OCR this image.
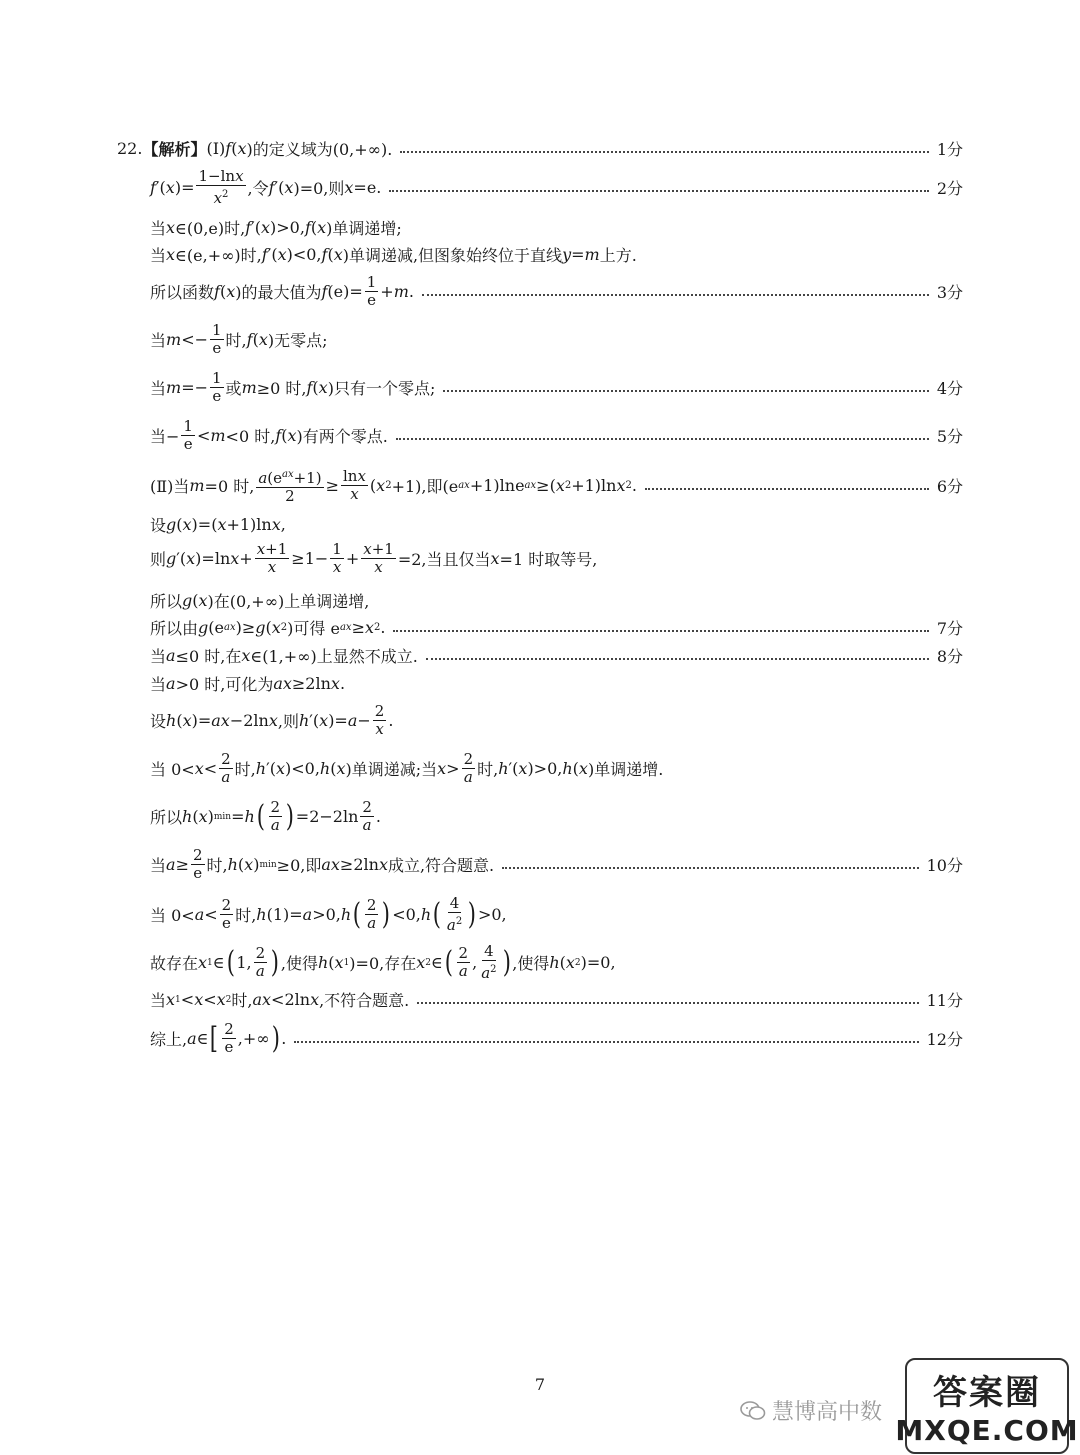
22. 【解析】 (Ⅰ) f ( x )的定义域为(0,+∞).	1分
f ′( x )= $\frac{1-\ln x}{x^2}$ ,令 f ′( x )=0,则 x =e.	2分
当 x ∈(0,e)时, f ′( x )>0, f ( x )单调递增;
当 x ∈(e,+∞)时, f ′( x )<0, f ( x )单调递减,但图象始终位于直线 y = m 上方.
所以函数 f ( x )的最大值为 f $(e)= \frac{1}{e} + m$ .	3分
当 $m <- \frac{1}{e}$ 时, f ( x )无零点;
当 $m =- \frac{1}{e}$ 或 m ≥0 时, f ( x )只有一个零点;	4分
当− $\frac{1}{e} < m <0$ 时, f ( x )有两个零点.	5分
(Ⅱ)当 m =0 时, $\frac{a(e^{ax}+1)}{2} \ge \frac{\ln x}{x}$ ( x 2 +1),即(e ax +1)lne ax ≥( x 2 +1)ln x 2 .	6分
设 g ( x )=( x +1)ln x ,
则 g ′( x )=ln $x + \frac{x+1}{x} \ge 1- \frac{1}{x} + \frac{x+1}{x} =2$,当且仅当 x =1 时取等号,
所以 g ( x )在(0,+∞)上单调递增,
所以由 g (e ax )≥ g ( x 2 )可得 e ax ≥ x 2 .	7分
当 a ≤0 时,在 x ∈(1,+∞)上显然不成立.	8分
当 a >0 时,可化为 ax ≥2ln x .
设 h ( x )= ax −2ln x ,则 h ′( x )= $a - \frac{2}{x}$ .
当 $0< x < \frac{2}{a}$ 时, h ′( x )<0, h ( x )单调递减;当 $x > \frac{2}{a}$ 时, h ′( x )>0, h ( x )单调递增.
所以 h ( x ) min = h ( $\frac{2}{a}$ ) $=2-2\ln \frac{2}{a}$ .
当 $a \ge \frac{2}{e}$ 时, h ( x ) min ≥0,即 ax ≥2ln x 成立,符合题意.	10分
当 $0< a < \frac{2}{e}$ 时, h (1)= a >0, h ( $\frac{2}{a}$ ) <0, h ( $\frac{4}{a^2}$ ) >0,
故存在 x 1 ∈ ( 1, $\frac{2}{a}$ ) ,使得 h ( x 1 )=0,存在 x 2 ∈ ( $\frac{2}{a}$ , $\frac{4}{a^2}$ ) ,使得 h ( x 2 )=0,
当 x 1 < x < x 2 时, ax <2ln x ,不符合题意.	11分
综上, a ∈ [ $\frac{2}{e}$ ,+∞ ) .	12分
7
慧博高中数 答案圈
MXQE.COM
